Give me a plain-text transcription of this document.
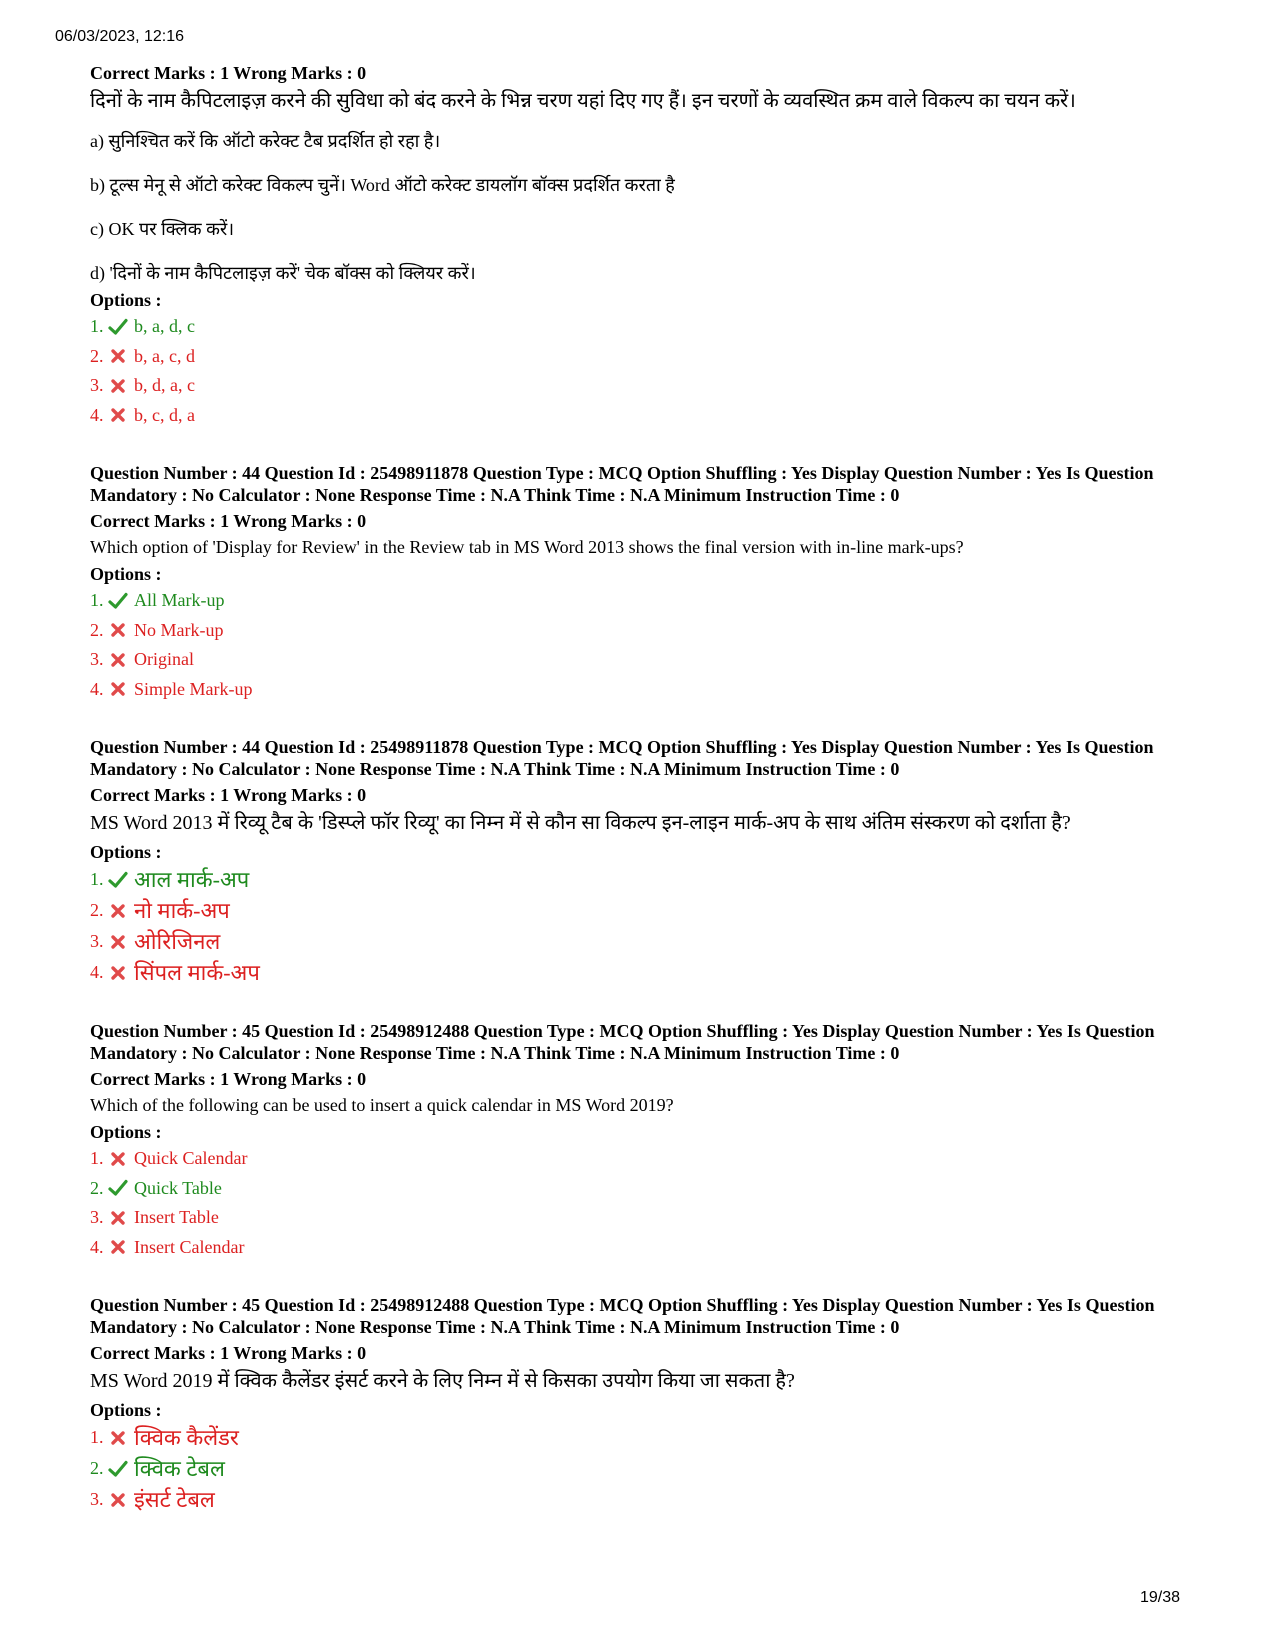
06/03/2023, 12:16
Correct Marks : 1 Wrong Marks : 0
दिनों के नाम कैपिटलाइज़ करने की सुविधा को बंद करने के भिन्न चरण यहां दिए गए हैं। इन चरणों के व्यवस्थित क्रम वाले विकल्प का चयन करें।
a) सुनिश्चित करें कि ऑटो करेक्ट टैब प्रदर्शित हो रहा है।
b) टूल्स मेनू से ऑटो करेक्ट विकल्प चुनें। Word ऑटो करेक्ट डायलॉग बॉक्स प्रदर्शित करता है
c) OK पर क्लिक करें।
d) 'दिनों के नाम कैपिटलाइज़ करें' चेक बॉक्स को क्लियर करें।
Options :
1. b, a, d, c
2. b, a, c, d
3. b, d, a, c
4. b, c, d, a
Question Number : 44 Question Id : 25498911878 Question Type : MCQ Option Shuffling : Yes Display Question Number : Yes Is Question Mandatory : No Calculator : None Response Time : N.A Think Time : N.A Minimum Instruction Time : 0
Correct Marks : 1 Wrong Marks : 0
Which option of 'Display for Review' in the Review tab in MS Word 2013 shows the final version with in-line mark-ups?
Options :
1. All Mark-up
2. No Mark-up
3. Original
4. Simple Mark-up
Question Number : 44 Question Id : 25498911878 Question Type : MCQ Option Shuffling : Yes Display Question Number : Yes Is Question Mandatory : No Calculator : None Response Time : N.A Think Time : N.A Minimum Instruction Time : 0
Correct Marks : 1 Wrong Marks : 0
MS Word 2013 में रिव्यू टैब के 'डिस्प्ले फॉर रिव्यू' का निम्न में से कौन सा विकल्प इन-लाइन मार्क-अप के साथ अंतिम संस्करण को दर्शाता है?
Options :
1. आल मार्क-अप
2. नो मार्क-अप
3. ओरिजिनल
4. सिंपल मार्क-अप
Question Number : 45 Question Id : 25498912488 Question Type : MCQ Option Shuffling : Yes Display Question Number : Yes Is Question Mandatory : No Calculator : None Response Time : N.A Think Time : N.A Minimum Instruction Time : 0
Correct Marks : 1 Wrong Marks : 0
Which of the following can be used to insert a quick calendar in MS Word 2019?
Options :
1. Quick Calendar
2. Quick Table
3. Insert Table
4. Insert Calendar
Question Number : 45 Question Id : 25498912488 Question Type : MCQ Option Shuffling : Yes Display Question Number : Yes Is Question Mandatory : No Calculator : None Response Time : N.A Think Time : N.A Minimum Instruction Time : 0
Correct Marks : 1 Wrong Marks : 0
MS Word 2019 में क्विक कैलेंडर इंसर्ट करने के लिए निम्न में से किसका उपयोग किया जा सकता है?
Options :
1. क्विक कैलेंडर
2. क्विक टेबल
3. इंसर्ट टेबल
19/38
